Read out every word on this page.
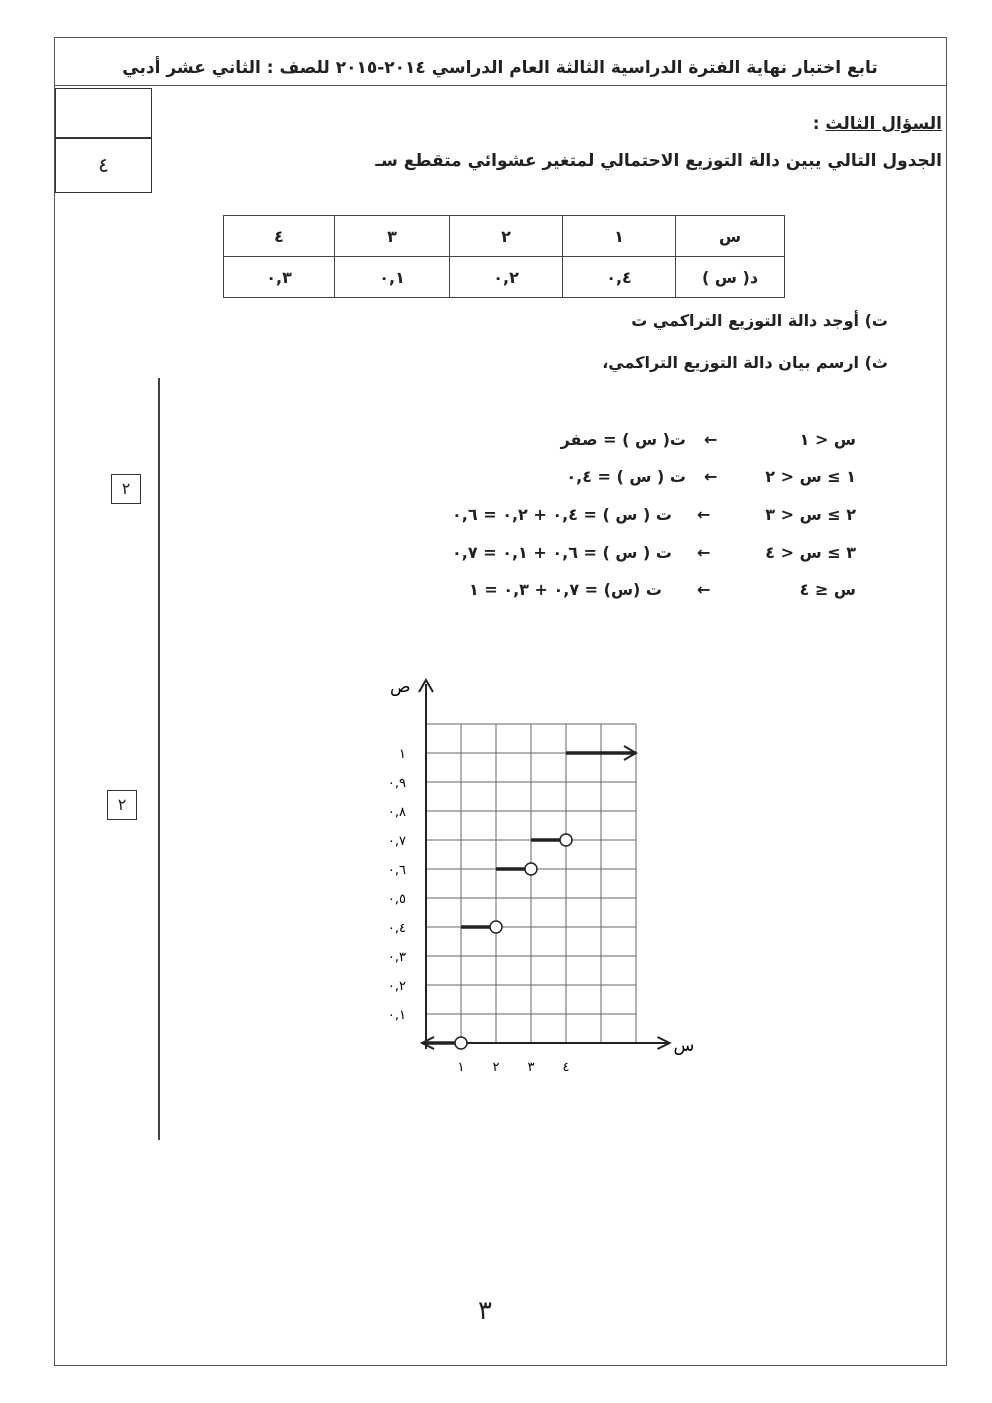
تابع اختبار نهاية الفترة الدراسية الثالثة العام الدراسي ٢٠١٤-٢٠١٥ للصف : الثاني عشر أدبي
٤
السؤال الثالث :
الجدول التالي يبين دالة التوزيع الاحتمالي لمتغير عشوائي متقطع سـ
س	١	٢	٣	٤
د( س )	٠,٤	٠,٢	٠,١	٠,٣
ت) أوجد دالة التوزيع التراكمي ت
ث) ارسم بيان دالة التوزيع التراكمي،
٢
٢
س < ١
←
ت( س ) = صفر
١ ≥ س < ٢
←
ت ( س ) = ٠,٤
٢ ≥ س < ٣
←
ت ( س ) = ٠,٤ + ٠,٢ = ٠,٦
٣ ≥ س < ٤
←
ت ( س ) = ٠,٦ + ٠,١ = ٠,٧
س ≤ ٤
←
ت (س) = ٠,٧ + ٠,٣ = ١
س
ص
١ ٢ ٣ ٤
٠,١
٠,٢
٠,٣
٠,٤
٠,٥
٠,٦
٠,٧
٠,٨
٠,٩
١
٣
